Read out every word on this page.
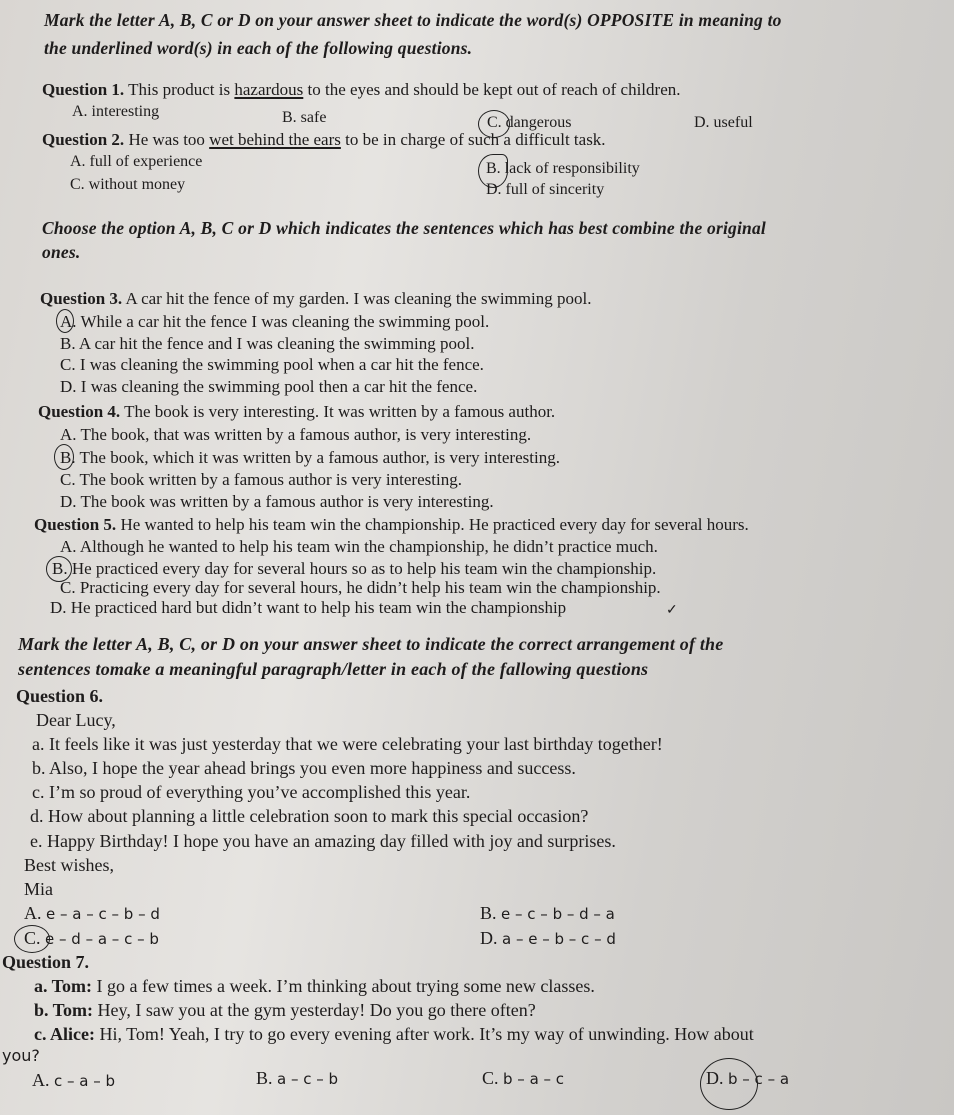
Mark the letter A, B, C or D on your answer sheet to indicate the word(s) OPPOSITE in meaning to
the underlined word(s) in each of the following questions.
Question 1. This product is hazardous to the eyes and should be kept out of reach of children.
A. interesting	B. safe	C. dangerous	D. useful
Question 2. He was too wet behind the ears to be in charge of such a difficult task.
A. full of experience	B. lack of responsibility
C. without money	D. full of sincerity
Choose the option A, B, C or D which indicates the sentences which has best combine the original
ones.
Question 3. A car hit the fence of my garden. I was cleaning the swimming pool.
A. While a car hit the fence I was cleaning the swimming pool.
B. A car hit the fence and I was cleaning the swimming pool.
C. I was cleaning the swimming pool when a car hit the fence.
D. I was cleaning the swimming pool then a car hit the fence.
Question 4. The book is very interesting. It was written by a famous author.
A. The book, that was written by a famous author, is very interesting.
B. The book, which it was written by a famous author, is very interesting.
C. The book written by a famous author is very interesting.
D. The book was written by a famous author is very interesting.
Question 5. He wanted to help his team win the championship. He practiced every day for several hours.
A. Although he wanted to help his team win the championship, he didn’t practice much.
B. He practiced every day for several hours so as to help his team win the championship.
C. Practicing every day for several hours, he didn’t help his team win the championship.
D. He practiced hard but didn’t want to help his team win the championship	✓
Mark the letter A, B, C, or D on your answer sheet to indicate the correct arrangement of the
sentences tomake a meaningful paragraph/letter in each of the fallowing questions
Question 6.
Dear Lucy,
a. It feels like it was just yesterday that we were celebrating your last birthday together!
b. Also, I hope the year ahead brings you even more happiness and success.
c. I’m so proud of everything you’ve accomplished this year.
d. How about planning a little celebration soon to mark this special occasion?
e. Happy Birthday! I hope you have an amazing day filled with joy and surprises.
Best wishes,
Mia
A. e – a – c – b – d	B. e – c – b – d – a
C. e – d – a – c – b	D. a – e – b – c – d
Question 7.
a. Tom: I go a few times a week. I’m thinking about trying some new classes.
b. Tom: Hey, I saw you at the gym yesterday! Do you go there often?
c. Alice: Hi, Tom! Yeah, I try to go every evening after work. It’s my way of unwinding. How about
you?
A. c – a – b	B. a – c – b	C. b – a – c	D. b – c – a
